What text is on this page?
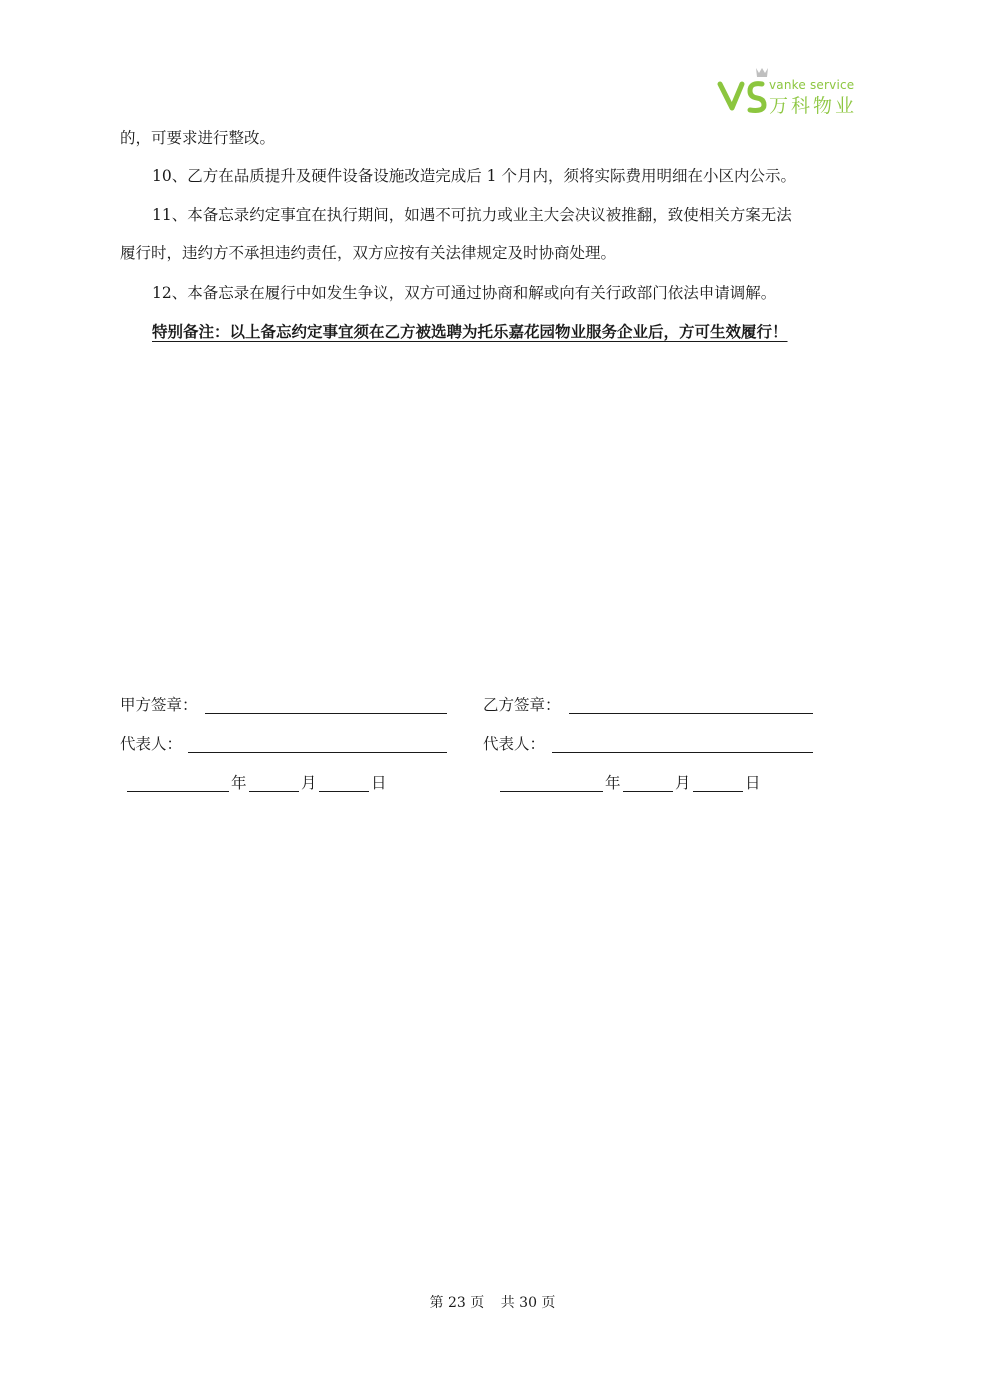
vanke service
万科物业
的，可要求进行整改。
10、乙方在品质提升及硬件设备设施改造完成后 1 个月内，须将实际费用明细在小区内公示。
11、本备忘录约定事宜在执行期间，如遇不可抗力或业主大会决议被推翻，致使相关方案无法
履行时，违约方不承担违约责任，双方应按有关法律规定及时协商处理。
12、本备忘录在履行中如发生争议，双方可通过协商和解或向有关行政部门依法申请调解。
特别备注：以上备忘约定事宜须在乙方被选聘为托乐嘉花园物业服务企业后，方可生效履行！
甲方签章：	乙方签章：
代表人：	代表人：
年	月	日	年	月	日
第 23 页 共 30 页
